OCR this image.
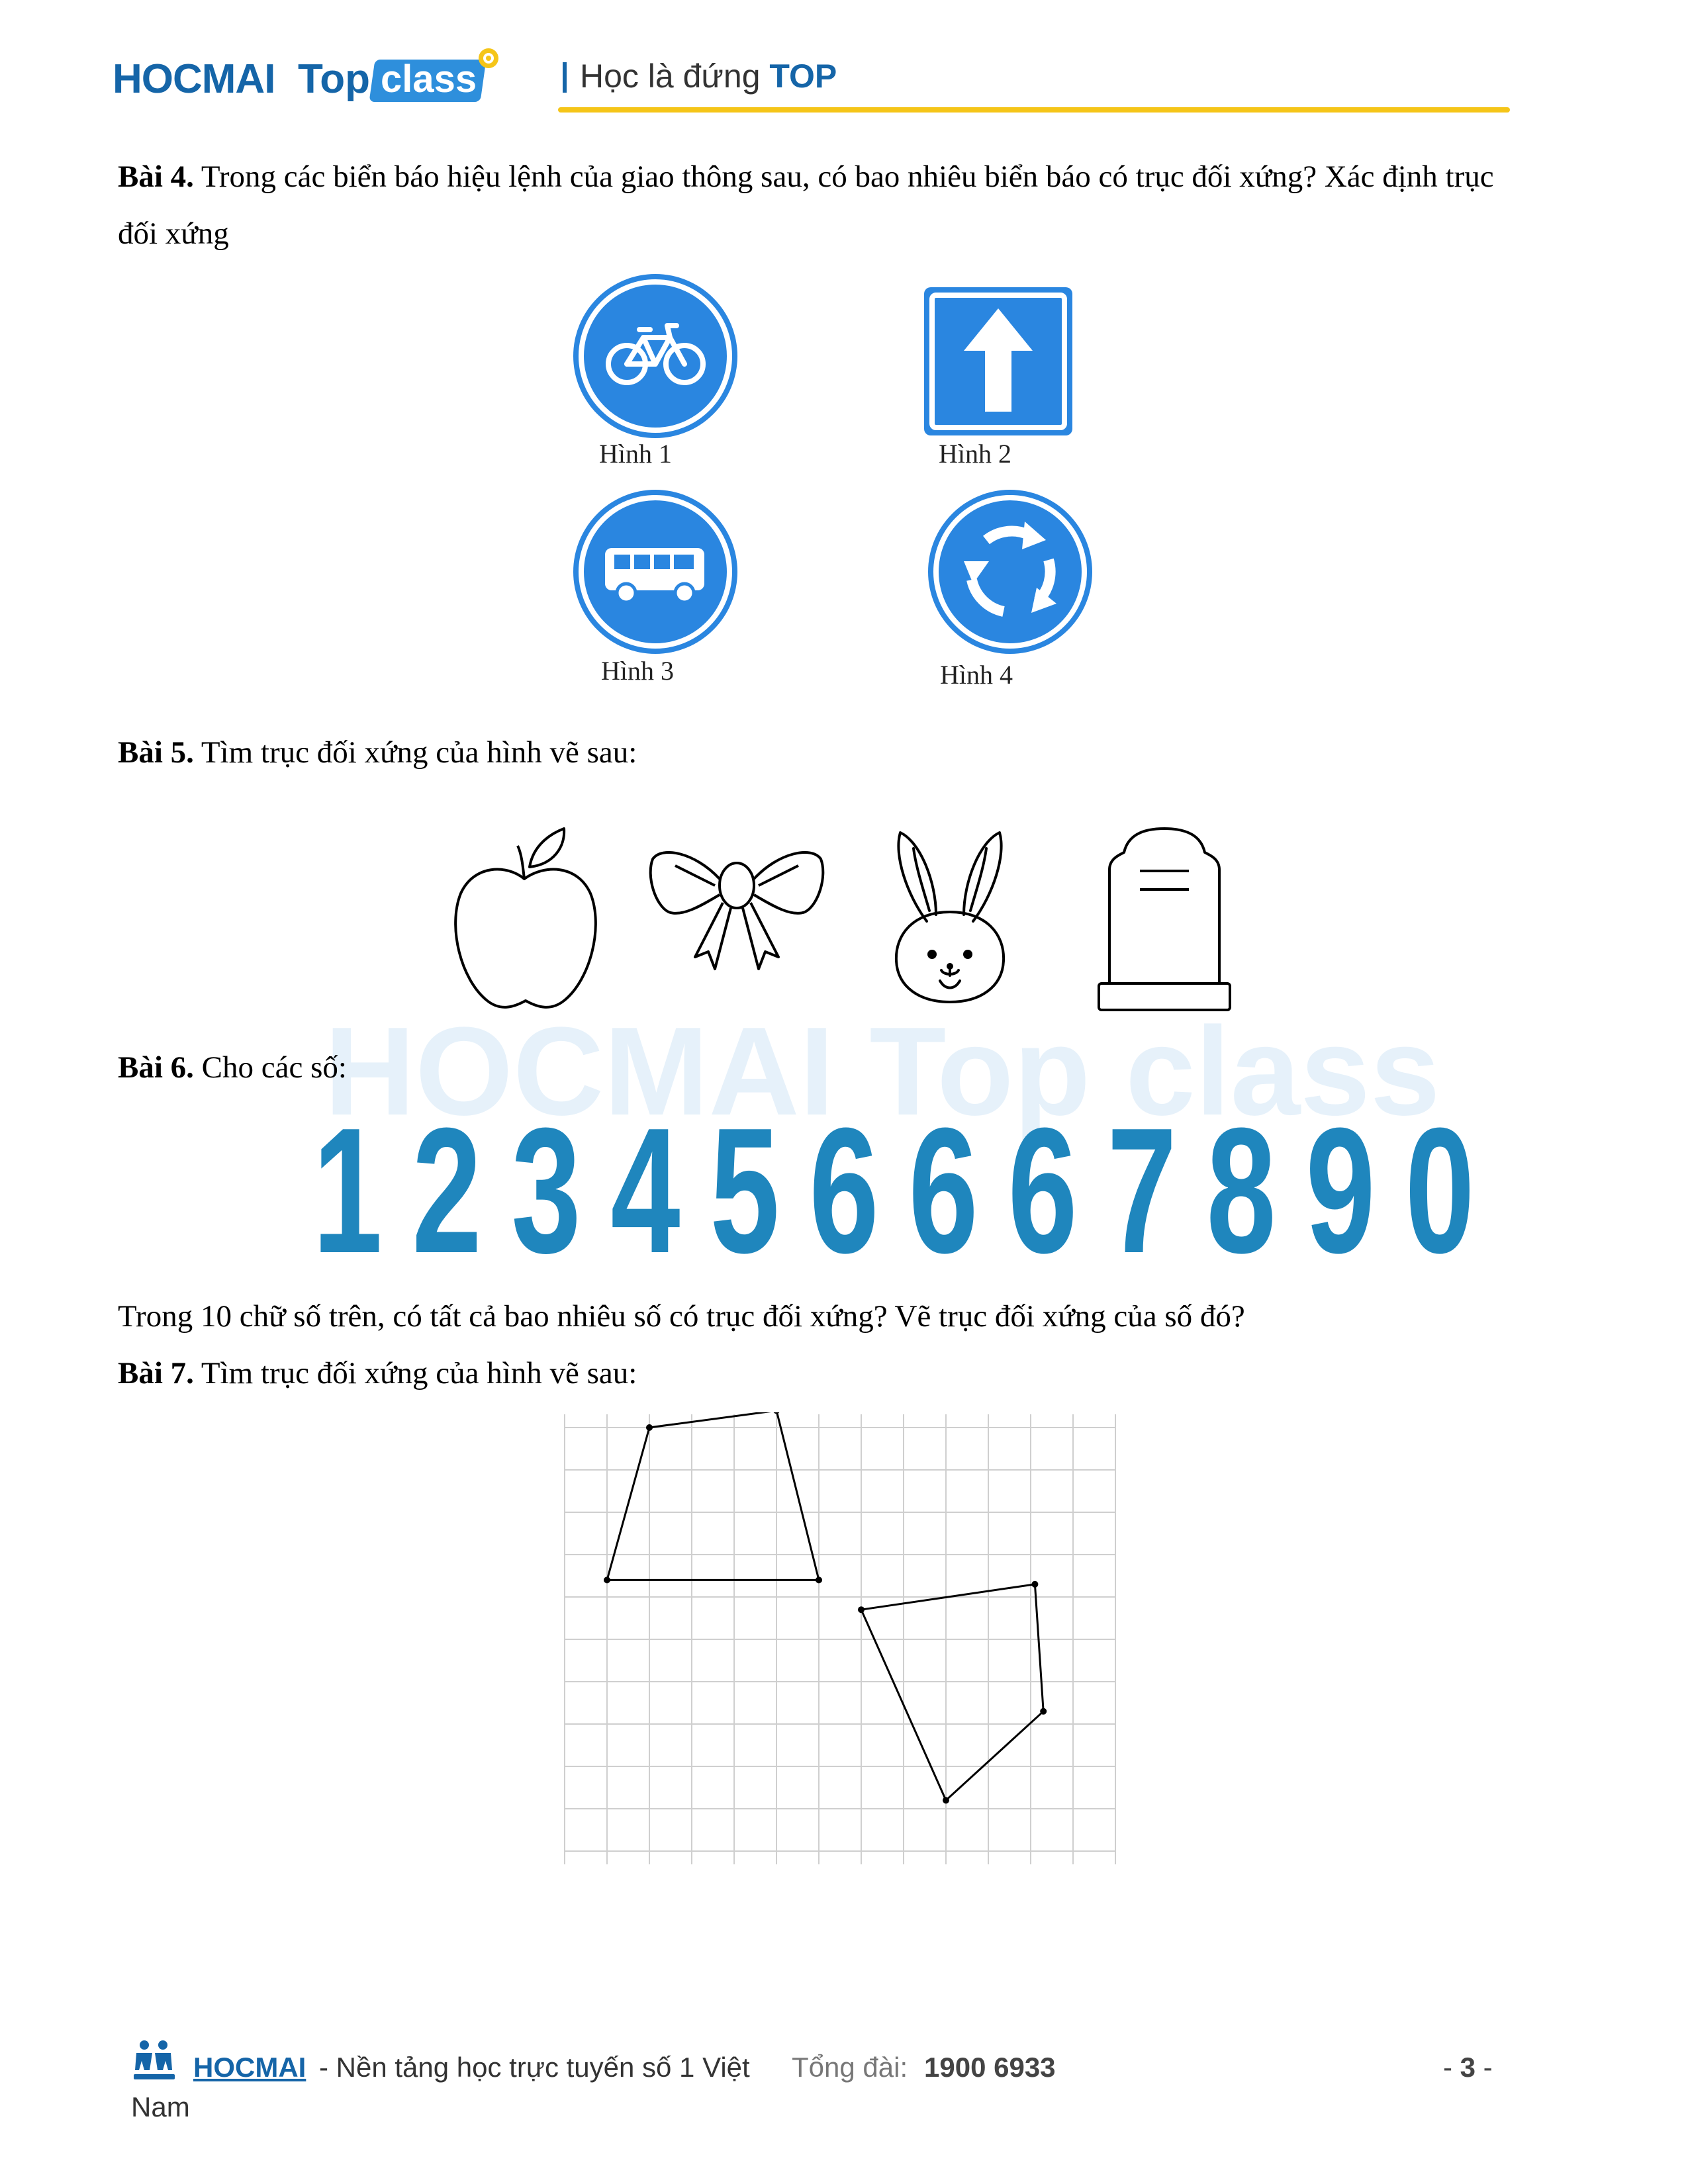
HOCMAI Top class	Học là đứng TOP
Bài 4. Trong các biển báo hiệu lệnh của giao thông sau, có bao nhiêu biển báo có trục đối xứng? Xác định trục
đối xứng
Hình 1	Hình 2
Hình 3	Hình 4
Bài 5. Tìm trục đối xứng của hình vẽ sau:
HOCMAI Top class
Bài 6. Cho các số:
1 2 3 4 5 6 6 6 7 8 9 0
Trong 10 chữ số trên, có tất cả bao nhiêu số có trục đối xứng? Vẽ trục đối xứng của số đó?
Bài 7. Tìm trục đối xứng của hình vẽ sau:
HOCMAI - Nền tảng học trực tuyến số 1 Việt Tổng đài: 1900 6933	- 3 -
Nam
